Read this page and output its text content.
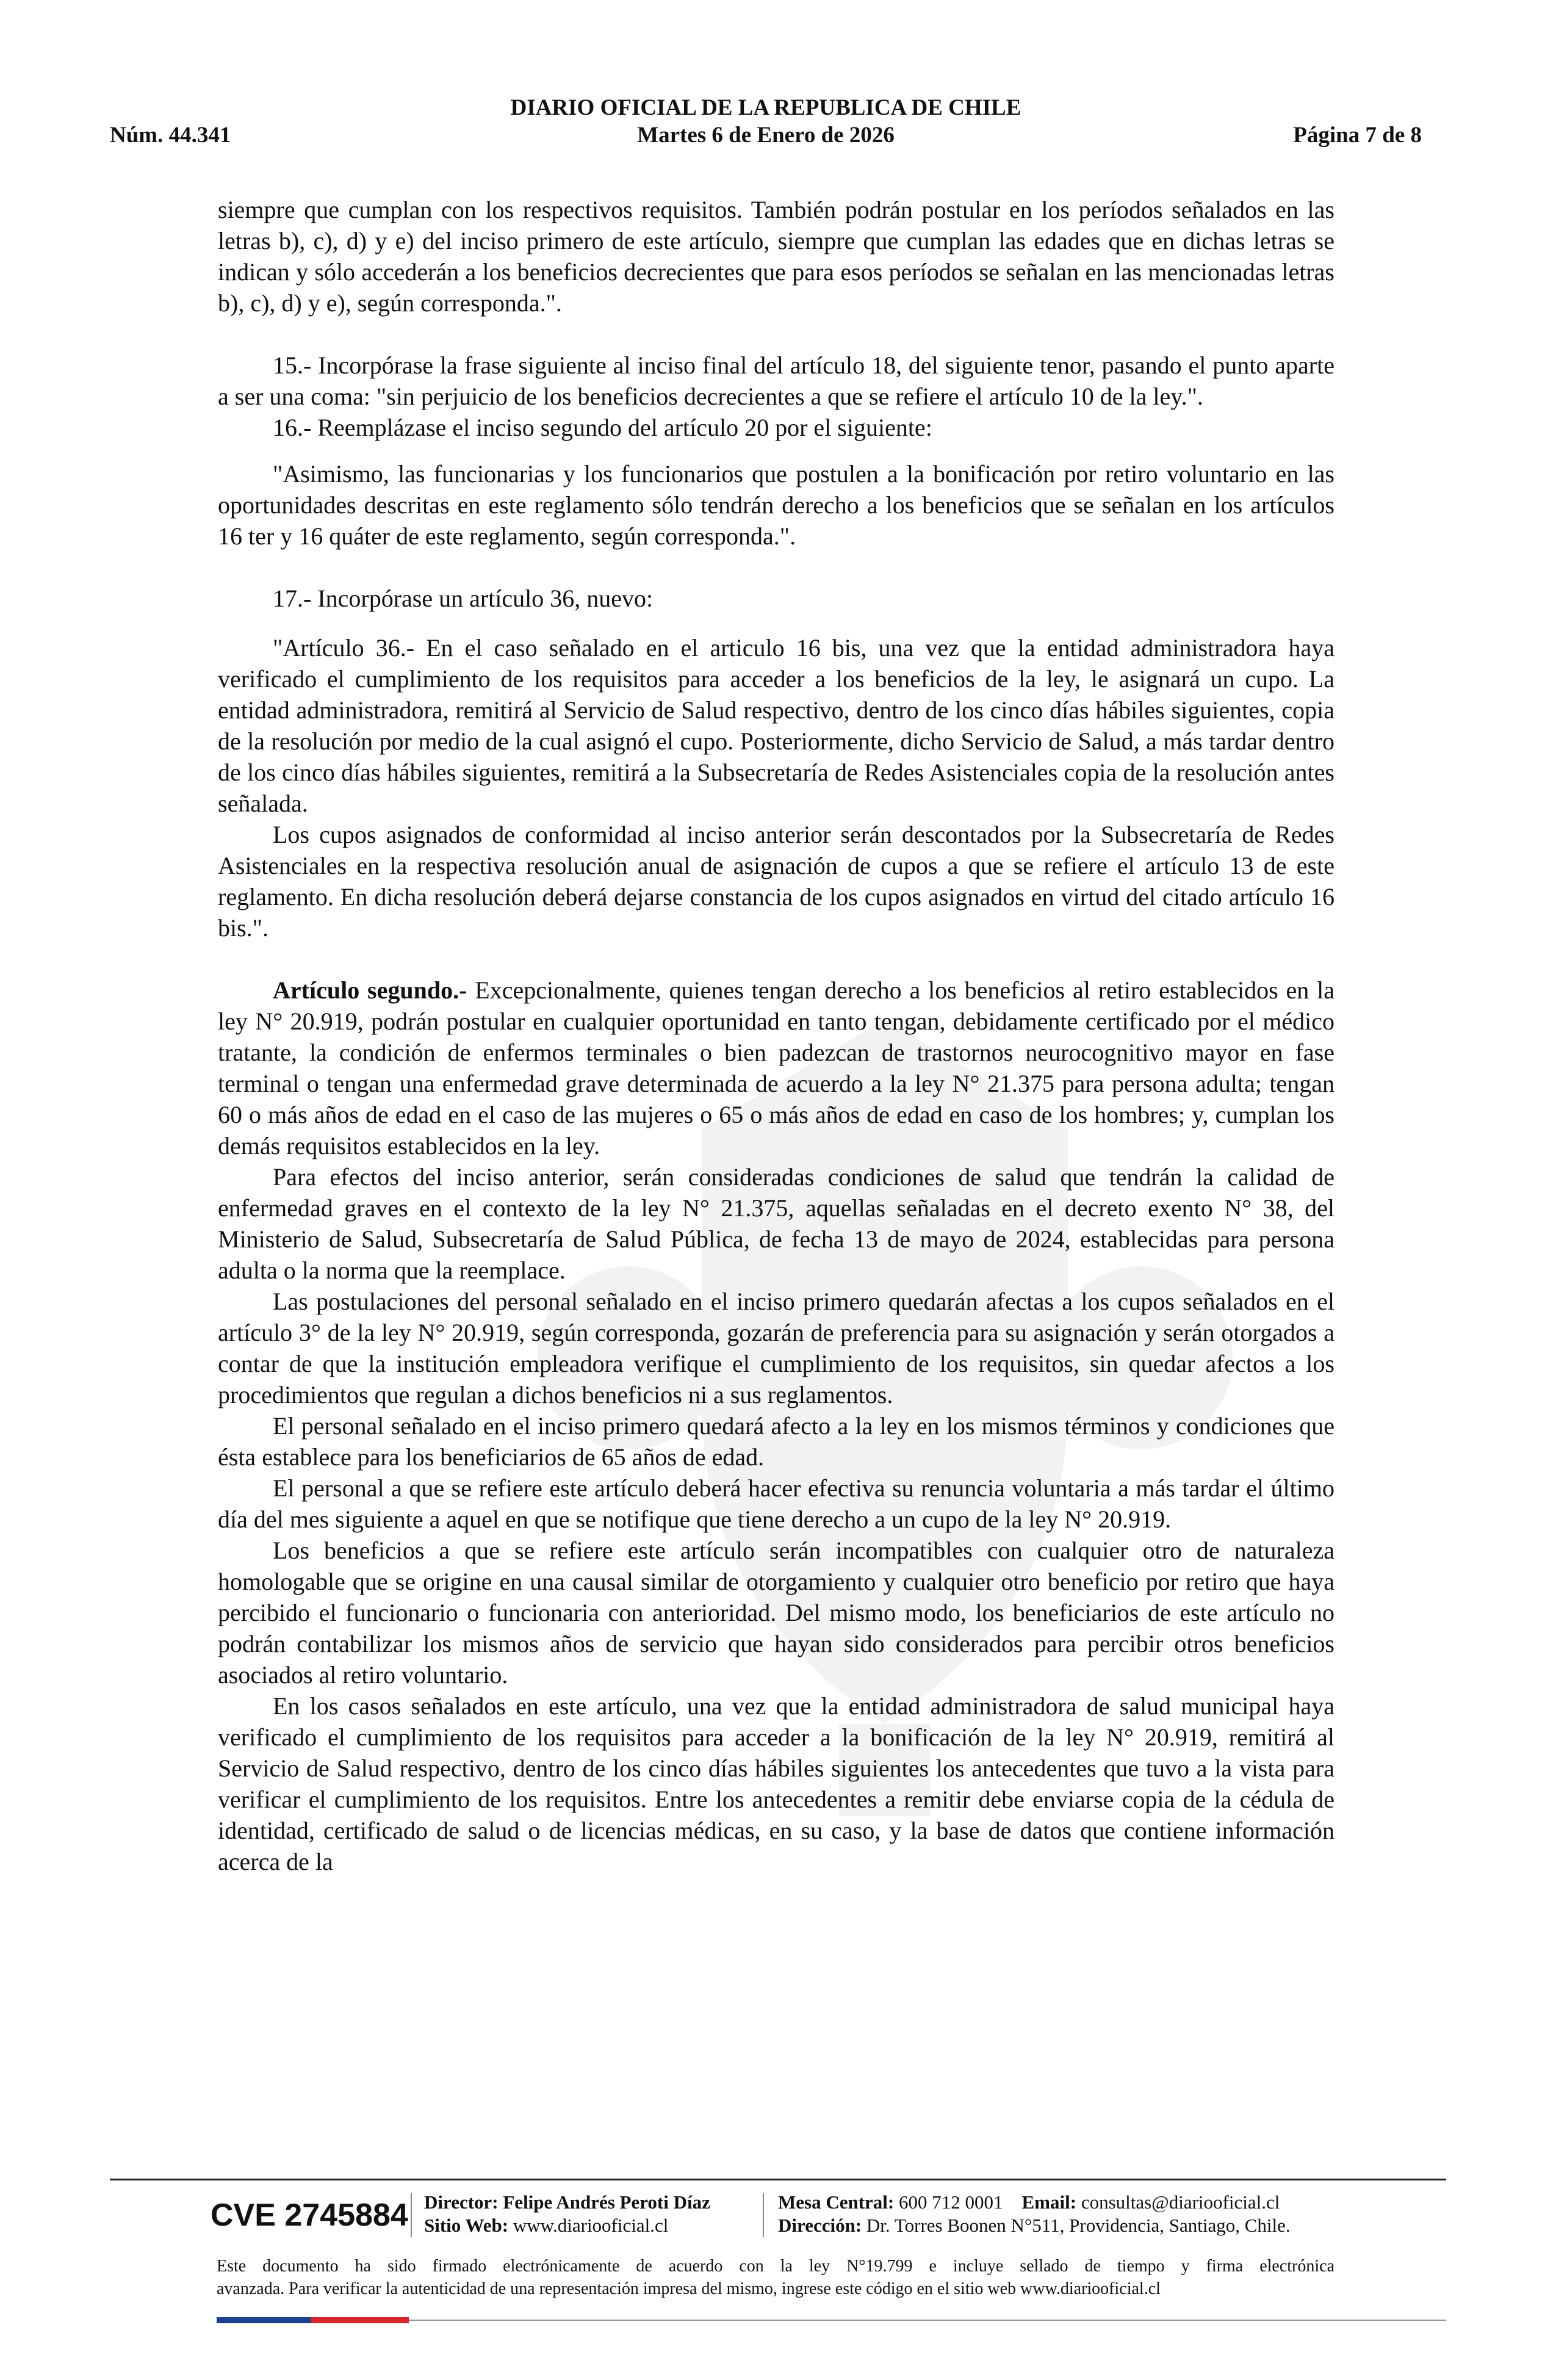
DIARIO OFICIAL DE LA REPUBLICA DE CHILE
Núm. 44.341	Martes 6 de Enero de 2026	Página 7 de 8

siempre que cumplan con los respectivos requisitos. También podrán postular en los períodos señalados en las letras b), c), d) y e) del inciso primero de este artículo, siempre que cumplan las edades que en dichas letras se indican y sólo accederán a los beneficios decrecientes que para esos períodos se señalan en las mencionadas letras b), c), d) y e), según corresponda.".

15.- Incorpórase la frase siguiente al inciso final del artículo 18, del siguiente tenor, pasando el punto aparte a ser una coma: "sin perjuicio de los beneficios decrecientes a que se refiere el artículo 10 de la ley.".

16.- Reemplázase el inciso segundo del artículo 20 por el siguiente:

"Asimismo, las funcionarias y los funcionarios que postulen a la bonificación por retiro voluntario en las oportunidades descritas en este reglamento sólo tendrán derecho a los beneficios que se señalan en los artículos 16 ter y 16 quáter de este reglamento, según corresponda.".

17.- Incorpórase un artículo 36, nuevo:

"Artículo 36.- En el caso señalado en el articulo 16 bis, una vez que la entidad administradora haya verificado el cumplimiento de los requisitos para acceder a los beneficios de la ley, le asignará un cupo. La entidad administradora, remitirá al Servicio de Salud respectivo, dentro de los cinco días hábiles siguientes, copia de la resolución por medio de la cual asignó el cupo. Posteriormente, dicho Servicio de Salud, a más tardar dentro de los cinco días hábiles siguientes, remitirá a la Subsecretaría de Redes Asistenciales copia de la resolución antes señalada.

Los cupos asignados de conformidad al inciso anterior serán descontados por la Subsecretaría de Redes Asistenciales en la respectiva resolución anual de asignación de cupos a que se refiere el artículo 13 de este reglamento. En dicha resolución deberá dejarse constancia de los cupos asignados en virtud del citado artículo 16 bis.".

Artículo segundo.- Excepcionalmente, quienes tengan derecho a los beneficios al retiro establecidos en la ley N° 20.919, podrán postular en cualquier oportunidad en tanto tengan, debidamente certificado por el médico tratante, la condición de enfermos terminales o bien padezcan de trastornos neurocognitivo mayor en fase terminal o tengan una enfermedad grave determinada de acuerdo a la ley N° 21.375 para persona adulta; tengan 60 o más años de edad en el caso de las mujeres o 65 o más años de edad en caso de los hombres; y, cumplan los demás requisitos establecidos en la ley.

Para efectos del inciso anterior, serán consideradas condiciones de salud que tendrán la calidad de enfermedad graves en el contexto de la ley N° 21.375, aquellas señaladas en el decreto exento N° 38, del Ministerio de Salud, Subsecretaría de Salud Pública, de fecha 13 de mayo de 2024, establecidas para persona adulta o la norma que la reemplace.

Las postulaciones del personal señalado en el inciso primero quedarán afectas a los cupos señalados en el artículo 3° de la ley N° 20.919, según corresponda, gozarán de preferencia para su asignación y serán otorgados a contar de que la institución empleadora verifique el cumplimiento de los requisitos, sin quedar afectos a los procedimientos que regulan a dichos beneficios ni a sus reglamentos.

El personal señalado en el inciso primero quedará afecto a la ley en los mismos términos y condiciones que ésta establece para los beneficiarios de 65 años de edad.

El personal a que se refiere este artículo deberá hacer efectiva su renuncia voluntaria a más tardar el último día del mes siguiente a aquel en que se notifique que tiene derecho a un cupo de la ley N° 20.919.

Los beneficios a que se refiere este artículo serán incompatibles con cualquier otro de naturaleza homologable que se origine en una causal similar de otorgamiento y cualquier otro beneficio por retiro que haya percibido el funcionario o funcionaria con anterioridad. Del mismo modo, los beneficiarios de este artículo no podrán contabilizar los mismos años de servicio que hayan sido considerados para percibir otros beneficios asociados al retiro voluntario.

En los casos señalados en este artículo, una vez que la entidad administradora de salud municipal haya verificado el cumplimiento de los requisitos para acceder a la bonificación de la ley N° 20.919, remitirá al Servicio de Salud respectivo, dentro de los cinco días hábiles siguientes los antecedentes que tuvo a la vista para verificar el cumplimiento de los requisitos. Entre los antecedentes a remitir debe enviarse copia de la cédula de identidad, certificado de salud o de licencias médicas, en su caso, y la base de datos que contiene información acerca de la

CVE 2745884 Director: Felipe Andrés Peroti Díaz
Sitio Web: www.diariooficial.cl
Mesa Central: 600 712 0001 Email: consultas@diariooficial.cl
Dirección: Dr. Torres Boonen N°511, Providencia, Santiago, Chile.
Este documento ha sido firmado electrónicamente de acuerdo con la ley N°19.799 e incluye sellado de tiempo y firma electrónica
avanzada. Para verificar la autenticidad de una representación impresa del mismo, ingrese este código en el sitio web www.diariooficial.cl
